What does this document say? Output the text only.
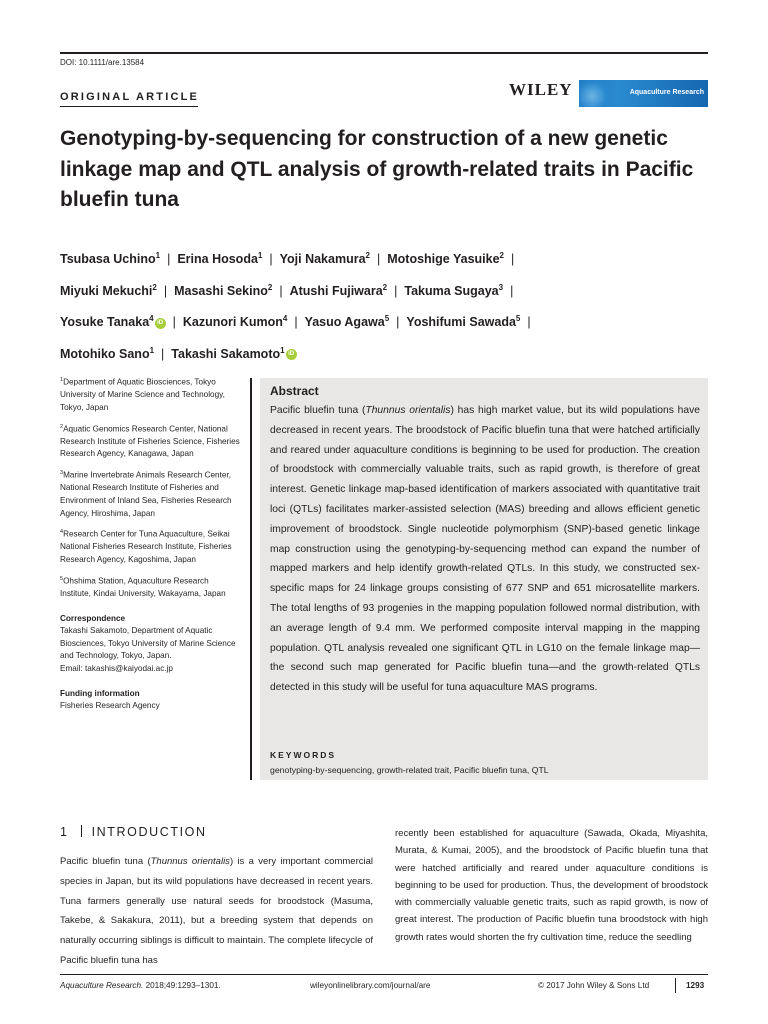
DOI: 10.1111/are.13584
ORIGINAL ARTICLE	WILEY	Aquaculture Research
Genotyping-by-sequencing for construction of a new genetic linkage map and QTL analysis of growth-related traits in Pacific bluefin tuna
Tsubasa Uchino$^1$ | Erina Hosoda$^1$ | Yoji Nakamura$^2$ | Motoshige Yasuike$^2$ |
Miyuki Mekuchi$^2$ | Masashi Sekino$^2$ | Atushi Fujiwara$^2$ | Takuma Sugaya$^3$ |
Yosuke Tanaka$^4$ iD | Kazunori Kumon$^4$ | Yasuo Agawa$^5$ | Yoshifumi Sawada$^5$ |
Motohiko Sano$^1$ | Takashi Sakamoto$^1$ iD

$^1$Department of Aquatic Biosciences, Tokyo University of Marine Science and Technology, Tokyo, Japan

$^2$Aquatic Genomics Research Center, National Research Institute of Fisheries Science, Fisheries Research Agency, Kanagawa, Japan

$^3$Marine Invertebrate Animals Research Center, National Research Institute of Fisheries and Environment of Inland Sea, Fisheries Research Agency, Hiroshima, Japan

$^4$Research Center for Tuna Aquaculture, Seikai National Fisheries Research Institute, Fisheries Research Agency, Kagoshima, Japan

$^5$Ohshima Station, Aquaculture Research Institute, Kindai University, Wakayama, Japan

Correspondence

Takashi Sakamoto, Department of Aquatic Biosciences, Tokyo University of Marine Science and Technology, Tokyo, Japan.

Email: takashis@kaiyodai.ac.jp

Funding information

Fisheries Research Agency

Abstract
Pacific bluefin tuna (Thunnus orientalis) has high market value, but its wild populations have decreased in recent years. The broodstock of Pacific bluefin tuna that were hatched artificially and reared under aquaculture conditions is beginning to be used for production. The creation of broodstock with commercially valuable traits, such as rapid growth, is therefore of great interest. Genetic linkage map-based identification of markers associated with quantitative trait loci (QTLs) facilitates marker-assisted selection (MAS) breeding and allows efficient genetic improvement of broodstock. Single nucleotide polymorphism (SNP)-based genetic linkage map construction using the genotyping-by-sequencing method can expand the number of mapped markers and help identify growth-related QTLs. In this study, we constructed sex-specific maps for 24 linkage groups consisting of 677 SNP and 651 microsatellite markers. The total lengths of 93 progenies in the mapping population followed normal distribution, with an average length of 9.4 mm. We performed composite interval mapping in the mapping population. QTL analysis revealed one significant QTL in LG10 on the female linkage map—the second such map generated for Pacific bluefin tuna—and the growth-related QTLs detected in this study will be useful for tuna aquaculture MAS programs.
KEYWORDS
genotyping-by-sequencing, growth-related trait, Pacific bluefin tuna, QTL
1 INTRODUCTION
Pacific bluefin tuna (Thunnus orientalis) is a very important commercial species in Japan, but its wild populations have decreased in recent years. Tuna farmers generally use natural seeds for broodstock (Masuma, Takebe, & Sakakura, 2011), but a breeding system that depends on naturally occurring siblings is difficult to maintain. The complete lifecycle of Pacific bluefin tuna has
recently been established for aquaculture (Sawada, Okada, Miyashita, Murata, & Kumai, 2005), and the broodstock of Pacific bluefin tuna that were hatched artificially and reared under aquaculture conditions is beginning to be used for production. Thus, the development of broodstock with commercially valuable genetic traits, such as rapid growth, is now of great interest. The production of Pacific bluefin tuna broodstock with high growth rates would shorten the fry cultivation time, reduce the seedling
Aquaculture Research. 2018;49:1293–1301.	wileyonlinelibrary.com/journal/are	© 2017 John Wiley & Sons Ltd	1293
